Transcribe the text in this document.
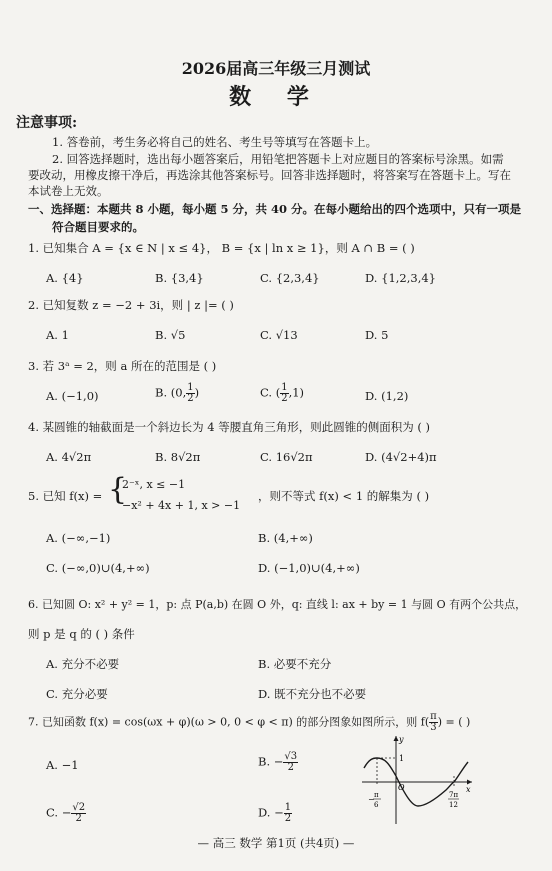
2026届高三年级三月测试
数 学
注意事项:
1. 答卷前，考生务必将自己的姓名、考生号等填写在答题卡上。
2. 回答选择题时，选出每小题答案后，用铅笔把答题卡上对应题目的答案标号涂黑。如需
要改动，用橡皮擦干净后，再选涂其他答案标号。回答非选择题时，将答案写在答题卡上。写在
本试卷上无效。
一、选择题：本题共 8 小题，每小题 5 分，共 40 分。在每小题给出的四个选项中，只有一项是
符合题目要求的。
1. 已知集合 A = {x ∈ N | x ≤ 4}， B = {x | ln x ≥ 1}，则 A ∩ B = ( )
A. {4}	B. {3,4}	C. {2,3,4}	D. {1,2,3,4}
2. 已知复数 z = −2 + 3i，则 | z |= ( )
A. 1	B. √5	C. √13	D. 5
3. 若 3ᵃ = 2，则 a 所在的范围是 ( )
A. (−1,0)	B. (0, $\frac{1}{2}$ )	C. ( $\frac{1}{2} ,1$)	D. (1,2)
4. 某圆锥的轴截面是一个斜边长为 4 等腰直角三角形，则此圆锥的侧面积为 ( )
A. 4√2π	B. 8√2π	C. 16√2π	D. (4√2+4)π
5. 已知 f(x) = {
2⁻ˣ, x ≤ −1
−x² + 4x + 1, x > −1
，则不等式 f(x) < 1 的解集为 ( )
A. (−∞,−1)	B. (4,+∞)
C. (−∞,0)∪(4,+∞)	D. (−1,0)∪(4,+∞)
6. 已知圆 O: x² + y² = 1，p: 点 P(a,b) 在圆 O 外，q: 直线 l: ax + by = 1 与圆 O 有两个公共点，
则 p 是 q 的 ( ) 条件
A. 充分不必要	B. 必要不充分
C. 充分必要	D. 既不充分也不必要
7. 已知函数 f(x) = cos(ωx + φ)(ω > 0, 0 < φ < π) 的部分图象如图所示，则 $f( \frac{\pi}{3}$ ) = ( )
A. −1	B. − $\frac{√3}{2}$
C. − $\frac{√2}{2}$	D. − $\frac{1}{2}$
y
x
O
1
− π
6
7π
12
— 高三 数学 第1页 (共4页) —
